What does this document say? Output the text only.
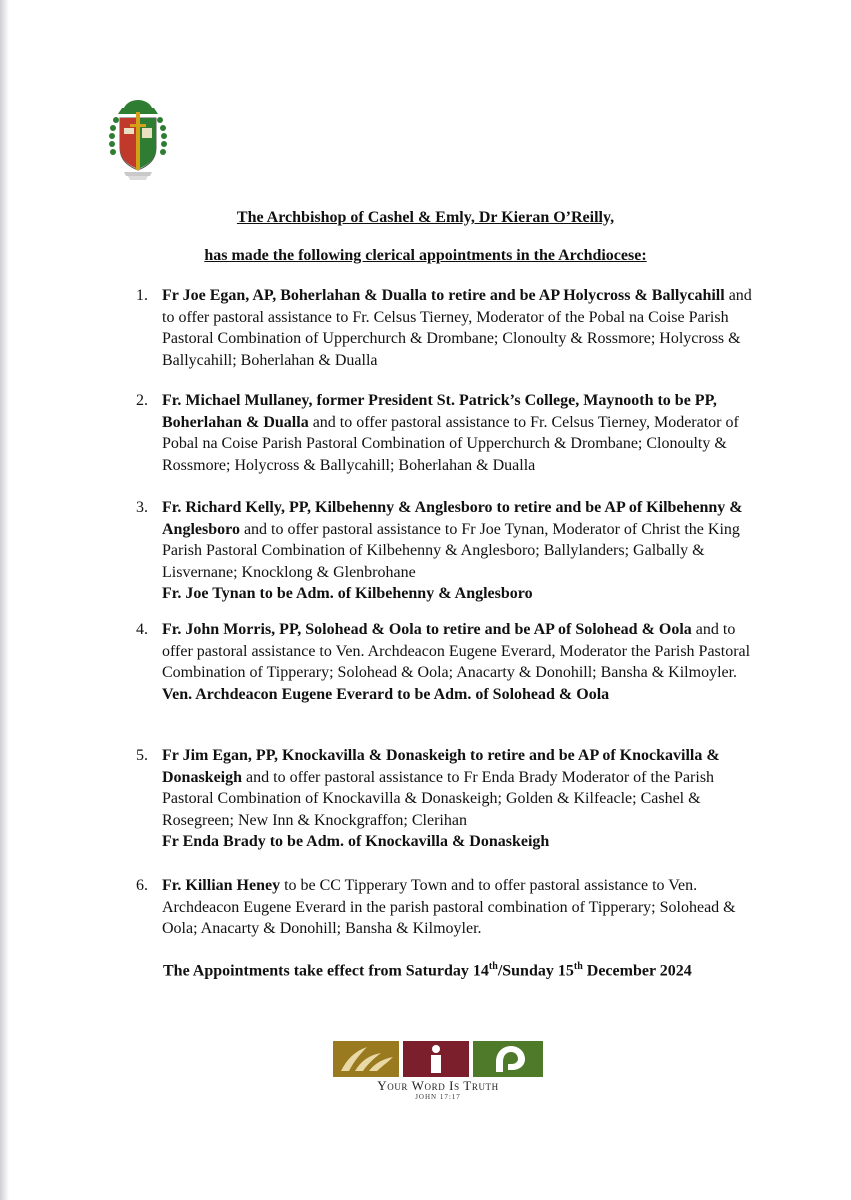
The Archbishop of Cashel & Emly, Dr Kieran O’Reilly,
has made the following clerical appointments in the Archdiocese:
1. Fr Joe Egan, AP, Boherlahan & Dualla to retire and be AP Holycross & Ballycahill and to offer pastoral assistance to Fr. Celsus Tierney, Moderator of the Pobal na Coise Parish Pastoral Combination of Upperchurch & Drombane; Clonoulty & Rossmore; Holycross & Ballycahill; Boherlahan & Dualla
2. Fr. Michael Mullaney, former President St. Patrick’s College, Maynooth to be PP, Boherlahan & Dualla and to offer pastoral assistance to Fr. Celsus Tierney, Moderator of Pobal na Coise Parish Pastoral Combination of Upperchurch & Drombane; Clonoulty & Rossmore; Holycross & Ballycahill; Boherlahan & Dualla
3. Fr. Richard Kelly, PP, Kilbehenny & Anglesboro to retire and be AP of Kilbehenny & Anglesboro and to offer pastoral assistance to Fr Joe Tynan, Moderator of Christ the King Parish Pastoral Combination of Kilbehenny & Anglesboro; Ballylanders; Galbally & Lisvernane; Knocklong & Glenbrohane
Fr. Joe Tynan to be Adm. of Kilbehenny & Anglesboro
4. Fr. John Morris, PP, Solohead & Oola to retire and be AP of Solohead & Oola and to offer pastoral assistance to Ven. Archdeacon Eugene Everard, Moderator the Parish Pastoral Combination of Tipperary; Solohead & Oola; Anacarty & Donohill; Bansha & Kilmoyler.
Ven. Archdeacon Eugene Everard to be Adm. of Solohead & Oola
5. Fr Jim Egan, PP, Knockavilla & Donaskeigh to retire and be AP of Knockavilla & Donaskeigh and to offer pastoral assistance to Fr Enda Brady Moderator of the Parish Pastoral Combination of Knockavilla & Donaskeigh; Golden & Kilfeacle; Cashel & Rosegreen; New Inn & Knockgraffon; Clerihan
Fr Enda Brady to be Adm. of Knockavilla & Donaskeigh
6. Fr. Killian Heney to be CC Tipperary Town and to offer pastoral assistance to Ven. Archdeacon Eugene Everard in the parish pastoral combination of Tipperary; Solohead & Oola; Anacarty & Donohill; Bansha & Kilmoyler.
The Appointments take effect from Saturday 14th/Sunday 15th December 2024
Your Word Is Truth
JOHN 17:17
